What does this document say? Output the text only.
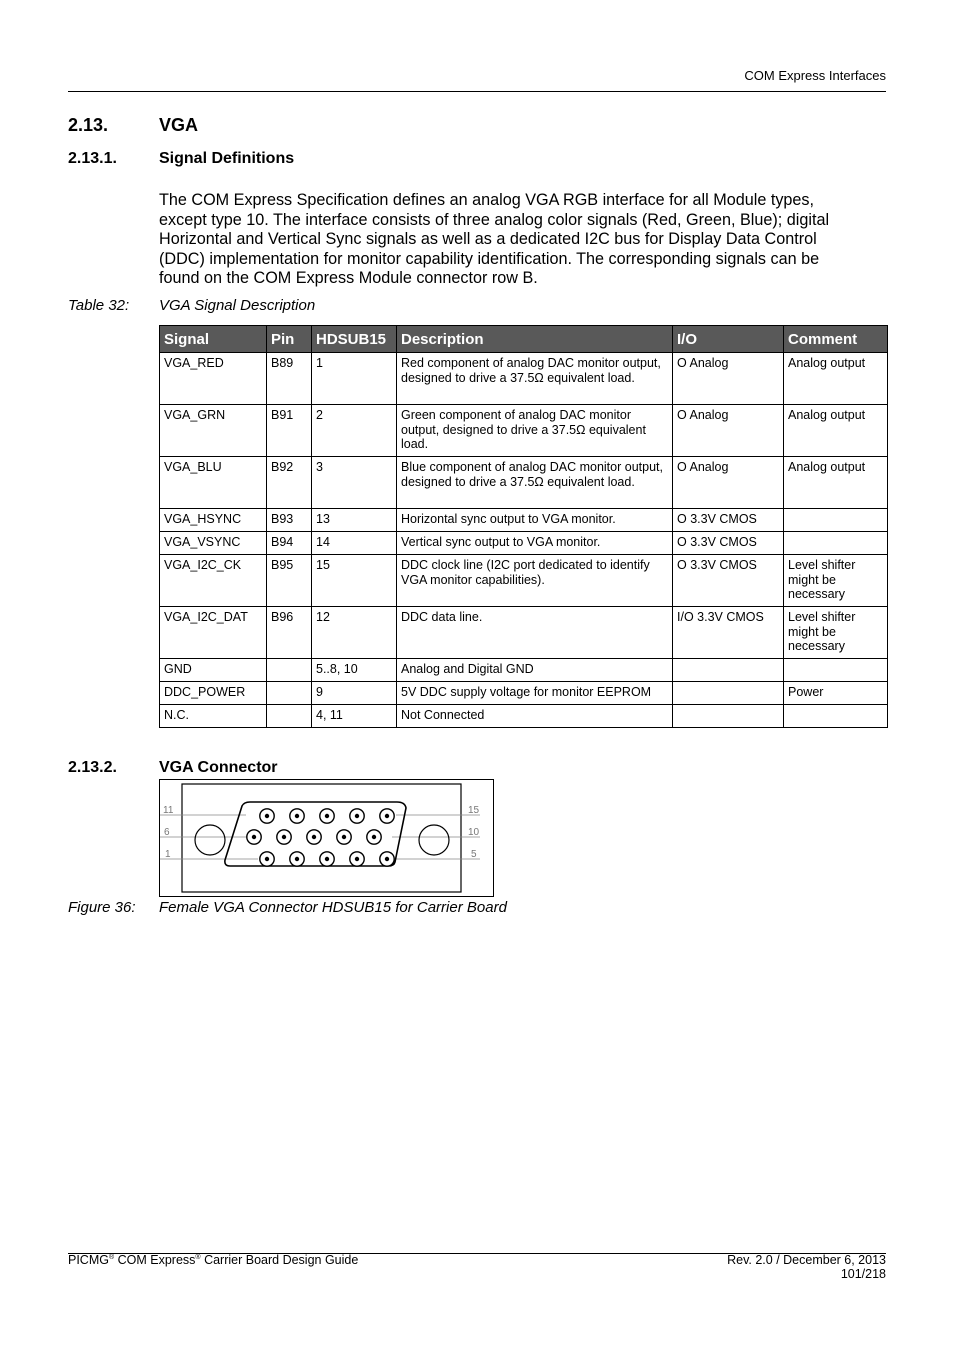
COM Express Interfaces
2.13.	VGA
2.13.1.	Signal Definitions
The COM Express Specification defines an analog VGA RGB interface for all Module types,
except type 10. The interface consists of three analog color signals (Red, Green, Blue); digital
Horizontal and Vertical Sync signals as well as a dedicated I2C bus for Display Data Control
(DDC) implementation for monitor capability identification. The corresponding signals can be
found on the COM Express Module connector row B.
Table 32: VGA Signal Description
Signal	Pin	HDSUB15	Description	I/O	Comment
VGA_RED	B89	1	Red component of analog DAC monitor output, designed to drive a 37.5Ω equivalent load.	O Analog	Analog output
VGA_GRN	B91	2	Green component of analog DAC monitor output, designed to drive a 37.5Ω equivalent load.	O Analog	Analog output
VGA_BLU	B92	3	Blue component of analog DAC monitor output, designed to drive a 37.5Ω equivalent load.	O Analog	Analog output
VGA_HSYNC	B93	13	Horizontal sync output to VGA monitor.	O 3.3V CMOS	
VGA_VSYNC	B94	14	Vertical sync output to VGA monitor.	O 3.3V CMOS	
VGA_I2C_CK	B95	15	DDC clock line (I2C port dedicated to identify VGA monitor capabilities).	O 3.3V CMOS	Level shifter might be necessary
VGA_I2C_DAT	B96	12	DDC data line.	I/O 3.3V CMOS	Level shifter might be necessary
GND		5..8, 10	Analog and Digital GND		
DDC_POWER		9	5V DDC supply voltage for monitor EEPROM		Power
N.C.		4, 11	Not Connected		
2.13.2.	VGA Connector
11
6
1
15
10
5
Figure 36: Female VGA Connector HDSUB15 for Carrier Board
PICMG® COM Express® Carrier Board Design Guide	Rev. 2.0 / December 6, 2013
101/218
